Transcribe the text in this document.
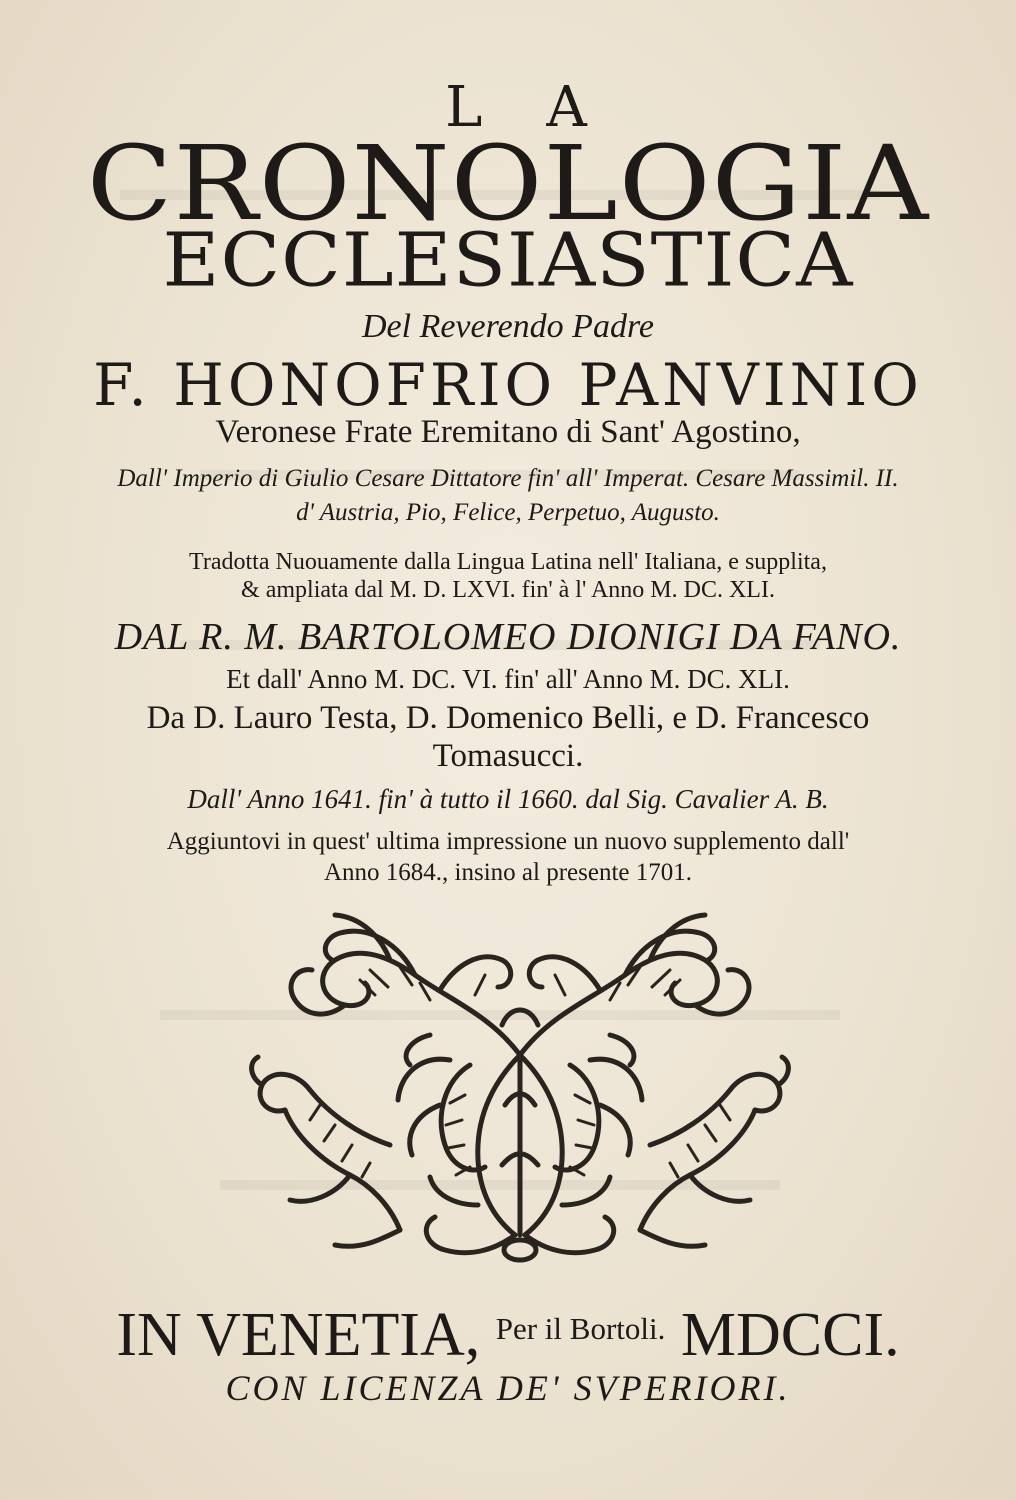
LA
CRONOLOGIA
ECCLESIASTICA
Del Reverendo Padre
F. HONOFRIO PANVINIO
Veronese Frate Eremitano di Sant' Agostino,
Dall' Imperio di Giulio Cesare Dittatore fin' all' Imperat. Cesare Massimil. II.
d' Austria, Pio, Felice, Perpetuo, Augusto.
Tradotta Nuouamente dalla Lingua Latina nell' Italiana, e supplita,
& ampliata dal M. D. LXVI. fin' à l' Anno M. DC. XLI.
DAL R. M. BARTOLOMEO DIONIGI DA FANO.
Et dall' Anno M. DC. VI. fin' all' Anno M. DC. XLI.
Da D. Lauro Testa, D. Domenico Belli, e D. Francesco
Tomasucci.
Dall' Anno 1641. fin' à tutto il 1660. dal Sig. Cavalier A. B.
Aggiuntovi in quest' ultima impressione un nuovo supplemento dall'
Anno 1684., insino al presente 1701.
IN VENETIA, $^{Per il Bortoli.}$ MDCCI.
CON LICENZA DE' SVPERIORI.
